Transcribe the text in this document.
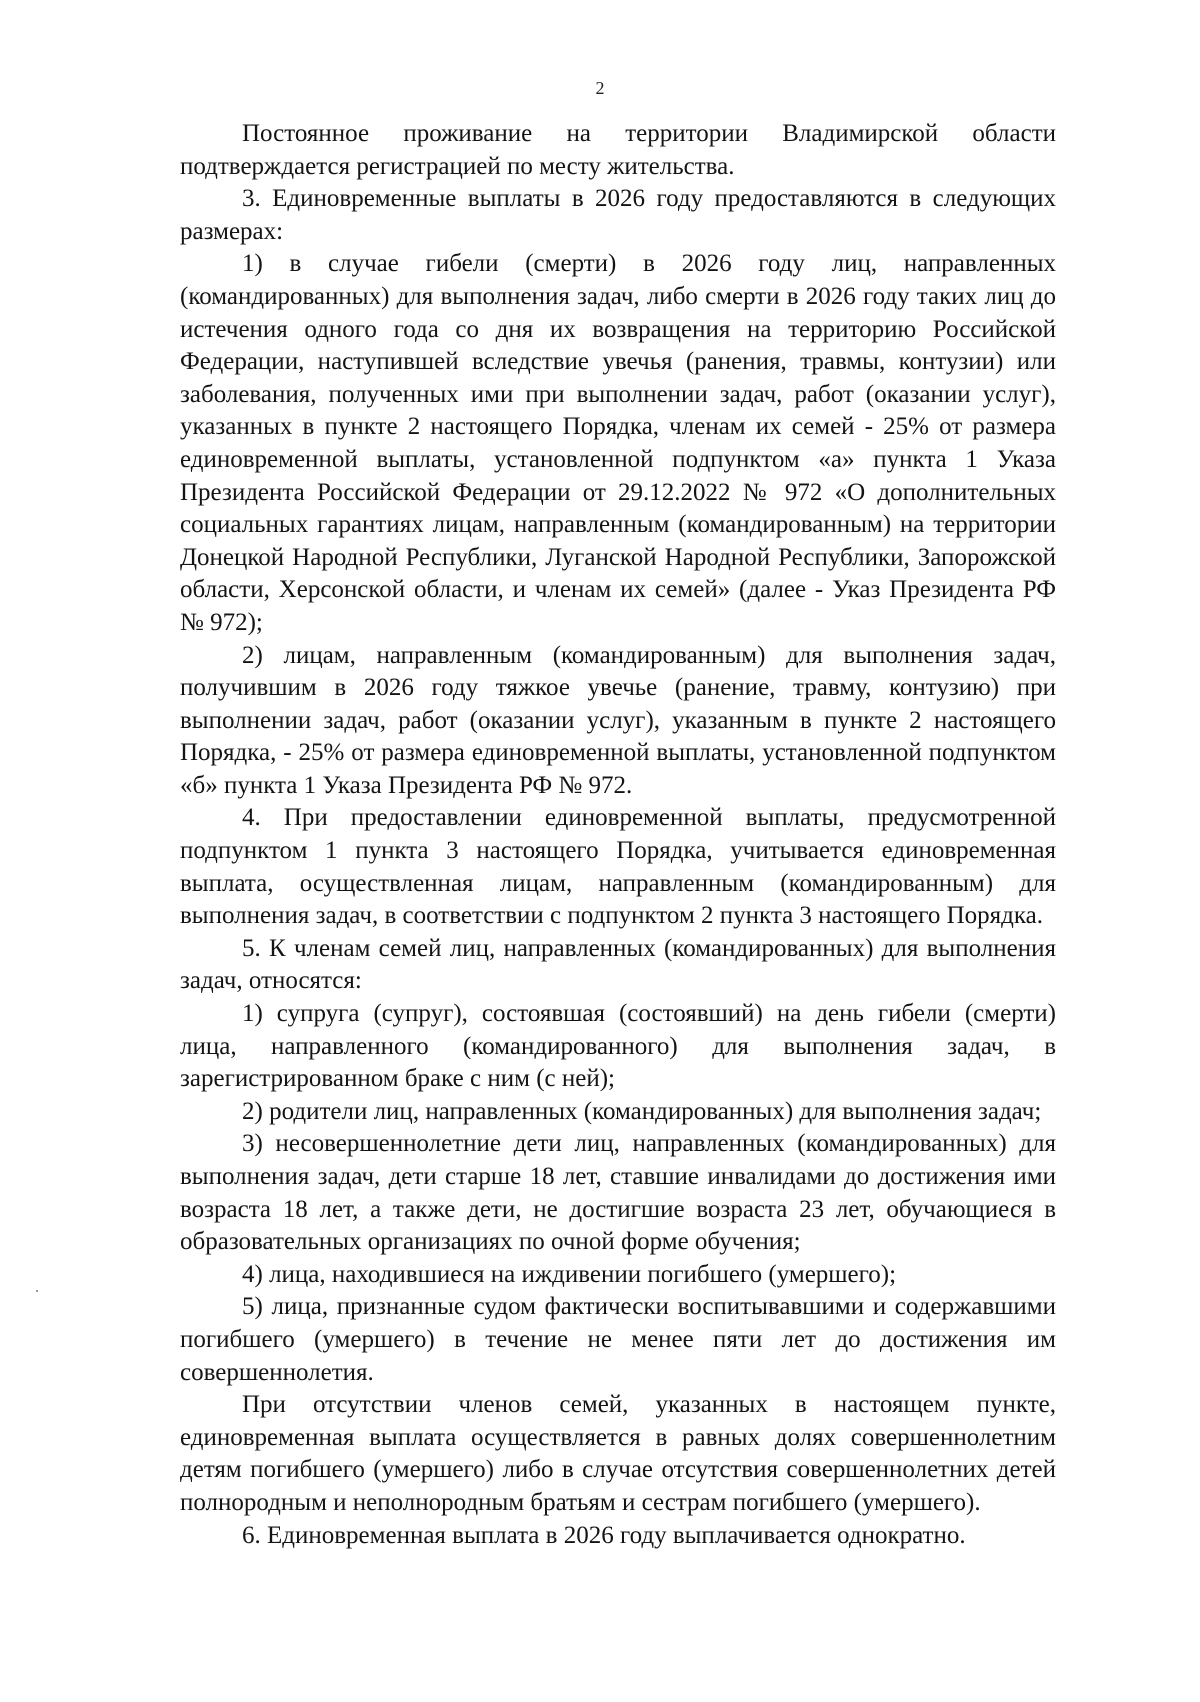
2

Постоянное проживание на территории Владимирской области подтверждается регистрацией по месту жительства.

3. Единовременные выплаты в 2026 году предоставляются в следующих размерах:

1) в случае гибели (смерти) в 2026 году лиц, направленных (командированных) для выполнения задач, либо смерти в 2026 году таких лиц до истечения одного года со дня их возвращения на территорию Российской Федерации, наступившей вследствие увечья (ранения, травмы, контузии) или заболевания, полученных ими при выполнении задач, работ (оказании услуг), указанных в пункте 2 настоящего Порядка, членам их семей - 25% от размера единовременной выплаты, установленной подпунктом «а» пункта 1 Указа Президента Российской Федерации от 29.12.2022 № 972 «О дополнительных социальных гарантиях лицам, направленным (командированным) на территории Донецкой Народной Республики, Луганской Народной Республики, Запорожской области, Херсонской области, и членам их семей» (далее - Указ Президента РФ № 972);

2) лицам, направленным (командированным) для выполнения задач, получившим в 2026 году тяжкое увечье (ранение, травму, контузию) при выполнении задач, работ (оказании услуг), указанным в пункте 2 настоящего Порядка, - 25% от размера единовременной выплаты, установленной подпунктом «б» пункта 1 Указа Президента РФ № 972.

4. При предоставлении единовременной выплаты, предусмотренной подпунктом 1 пункта 3 настоящего Порядка, учитывается единовременная выплата, осуществленная лицам, направленным (командированным) для выполнения задач, в соответствии с подпунктом 2 пункта 3 настоящего Порядка.

5. К членам семей лиц, направленных (командированных) для выполнения задач, относятся:

1) супруга (супруг), состоявшая (состоявший) на день гибели (смерти) лица, направленного (командированного) для выполнения задач, в зарегистрированном браке с ним (с ней);

2) родители лиц, направленных (командированных) для выполнения задач;

3) несовершеннолетние дети лиц, направленных (командированных) для выполнения задач, дети старше 18 лет, ставшие инвалидами до достижения ими возраста 18 лет, а также дети, не достигшие возраста 23 лет, обучающиеся в образовательных организациях по очной форме обучения;

4) лица, находившиеся на иждивении погибшего (умершего);

5) лица, признанные судом фактически воспитывавшими и содержавшими погибшего (умершего) в течение не менее пяти лет до достижения им совершеннолетия.

При отсутствии членов семей, указанных в настоящем пункте, единовременная выплата осуществляется в равных долях совершеннолетним детям погибшего (умершего) либо в случае отсутствия совершеннолетних детей полнородным и неполнородным братьям и сестрам погибшего (умершего).

6. Единовременная выплата в 2026 году выплачивается однократно.
